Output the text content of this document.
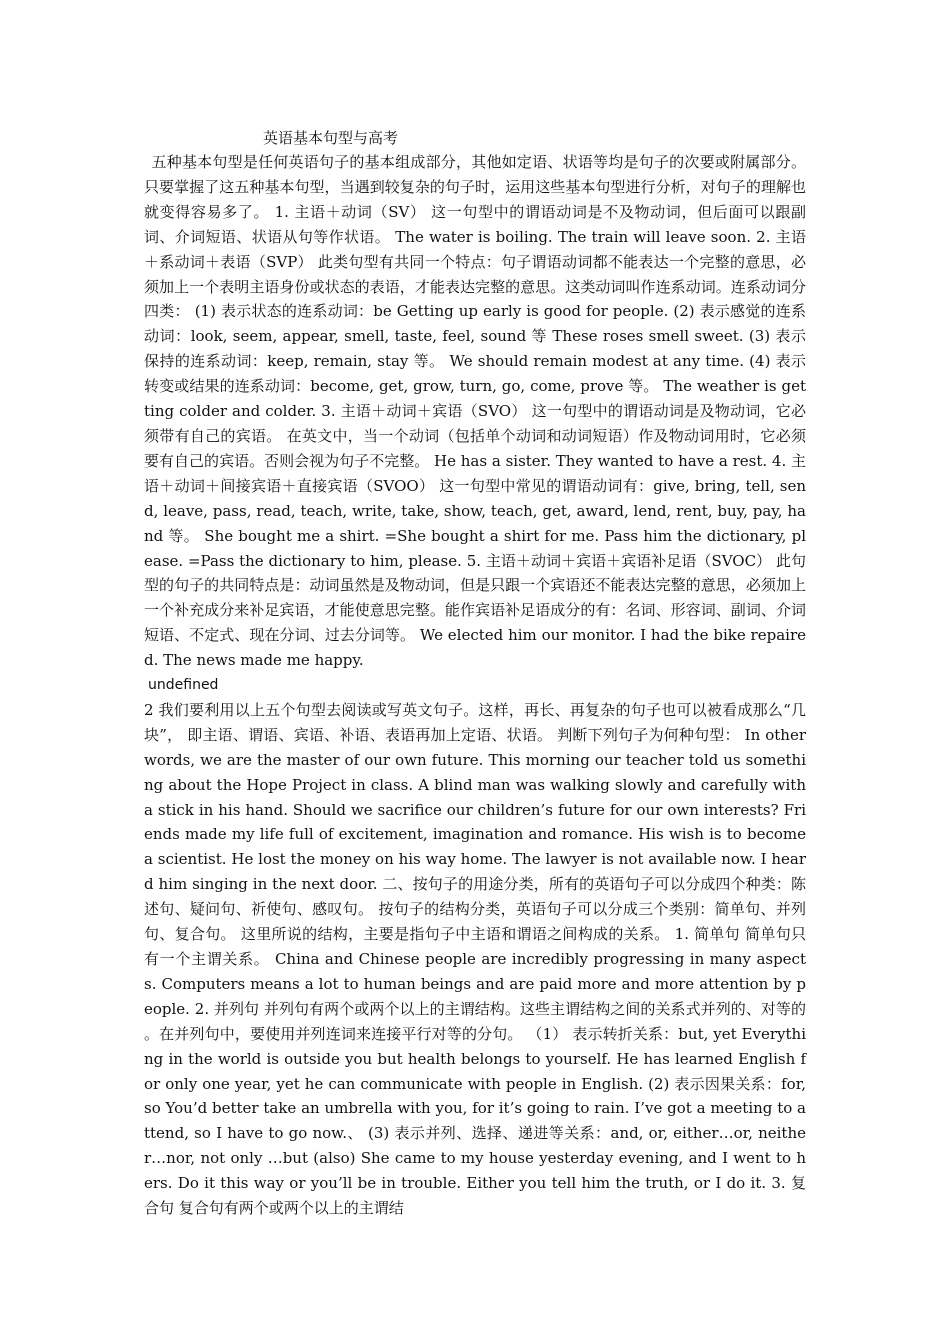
英语基本句型与高考

五种基本句型是任何英语句子的基本组成部分，其他如定语、状语等均是句子的次要或附属部分。只要掌握了这五种基本句型，当遇到较复杂的句子时，运用这些基本句型进行分析，对句子的理解也就变得容易多了。 1. 主语＋动词（SV） 这一句型中的谓语动词是不及物动词，但后面可以跟副词、介词短语、状语从句等作状语。 The water is boiling. The train will leave soon. 2. 主语＋系动词＋表语（SVP） 此类句型有共同一个特点：句子谓语动词都不能表达一个完整的意思，必须加上一个表明主语身份或状态的表语，才能表达完整的意思。这类动词叫作连系动词。连系动词分四类： (1) 表示状态的连系动词：be Getting up early is good for people. (2) 表示感觉的连系动词：look, seem, appear, smell, taste, feel, sound 等 These roses smell sweet. (3) 表示保持的连系动词：keep, remain, stay 等。 We should remain modest at any time. (4) 表示转变或结果的连系动词：become, get, grow, turn, go, come, prove 等。 The weather is getting colder and colder. 3. 主语＋动词＋宾语（SVO） 这一句型中的谓语动词是及物动词，它必须带有自己的宾语。 在英文中，当一个动词（包括单个动词和动词短语）作及物动词用时，它必须要有自己的宾语。否则会视为句子不完整。 He has a sister. They wanted to have a rest. 4. 主语＋动词＋间接宾语＋直接宾语（SVOO） 这一句型中常见的谓语动词有：give, bring, tell, send, leave, pass, read, teach, write, take, show, teach, get, award, lend, rent, buy, pay, hand 等。 She bought me a shirt. =She bought a shirt for me. Pass him the dictionary, please. =Pass the dictionary to him, please. 5. 主语＋动词＋宾语＋宾语补足语（SVOC） 此句型的句子的共同特点是：动词虽然是及物动词，但是只跟一个宾语还不能表达完整的意思，必须加上一个补充成分来补足宾语，才能使意思完整。能作宾语补足语成分的有：名词、形容词、副词、介词短语、不定式、现在分词、过去分词等。 We elected him our monitor. I had the bike repaired. The news made me happy.

undefined

2 我们要利用以上五个句型去阅读或写英文句子。这样，再长、再复杂的句子也可以被看成那么“几块”， 即主语、谓语、宾语、补语、表语再加上定语、状语。 判断下列句子为何种句型： In other words, we are the master of our own future. This morning our teacher told us something about the Hope Project in class. A blind man was walking slowly and carefully with a stick in his hand. Should we sacrifice our children’s future for our own interests? Friends made my life full of excitement, imagination and romance. His wish is to become a scientist. He lost the money on his way home. The lawyer is not available now. I heard him singing in the next door. 二、按句子的用途分类，所有的英语句子可以分成四个种类：陈述句、疑问句、祈使句、感叹句。 按句子的结构分类，英语句子可以分成三个类别：简单句、并列句、复合句。 这里所说的结构，主要是指句子中主语和谓语之间构成的关系。 1. 简单句 简单句只有一个主谓关系。 China and Chinese people are incredibly progressing in many aspects. Computers means a lot to human beings and are paid more and more attention by people. 2. 并列句 并列句有两个或两个以上的主谓结构。这些主谓结构之间的关系式并列的、对等的 。在并列句中，要使用并列连词来连接平行对等的分句。 （1） 表示转折关系：but, yet Everything in the world is outside you but health belongs to yourself. He has learned English for only one year, yet he can communicate with people in English. (2) 表示因果关系：for, so You’d better take an umbrella with you, for it’s going to rain. I’ve got a meeting to attend, so I have to go now.、 (3) 表示并列、选择、递进等关系：and, or, either…or, neither…nor, not only …but (also) She came to my house yesterday evening, and I went to hers. Do it this way or you’ll be in trouble. Either you tell him the truth, or I do it. 3. 复合句 复合句有两个或两个以上的主谓结
